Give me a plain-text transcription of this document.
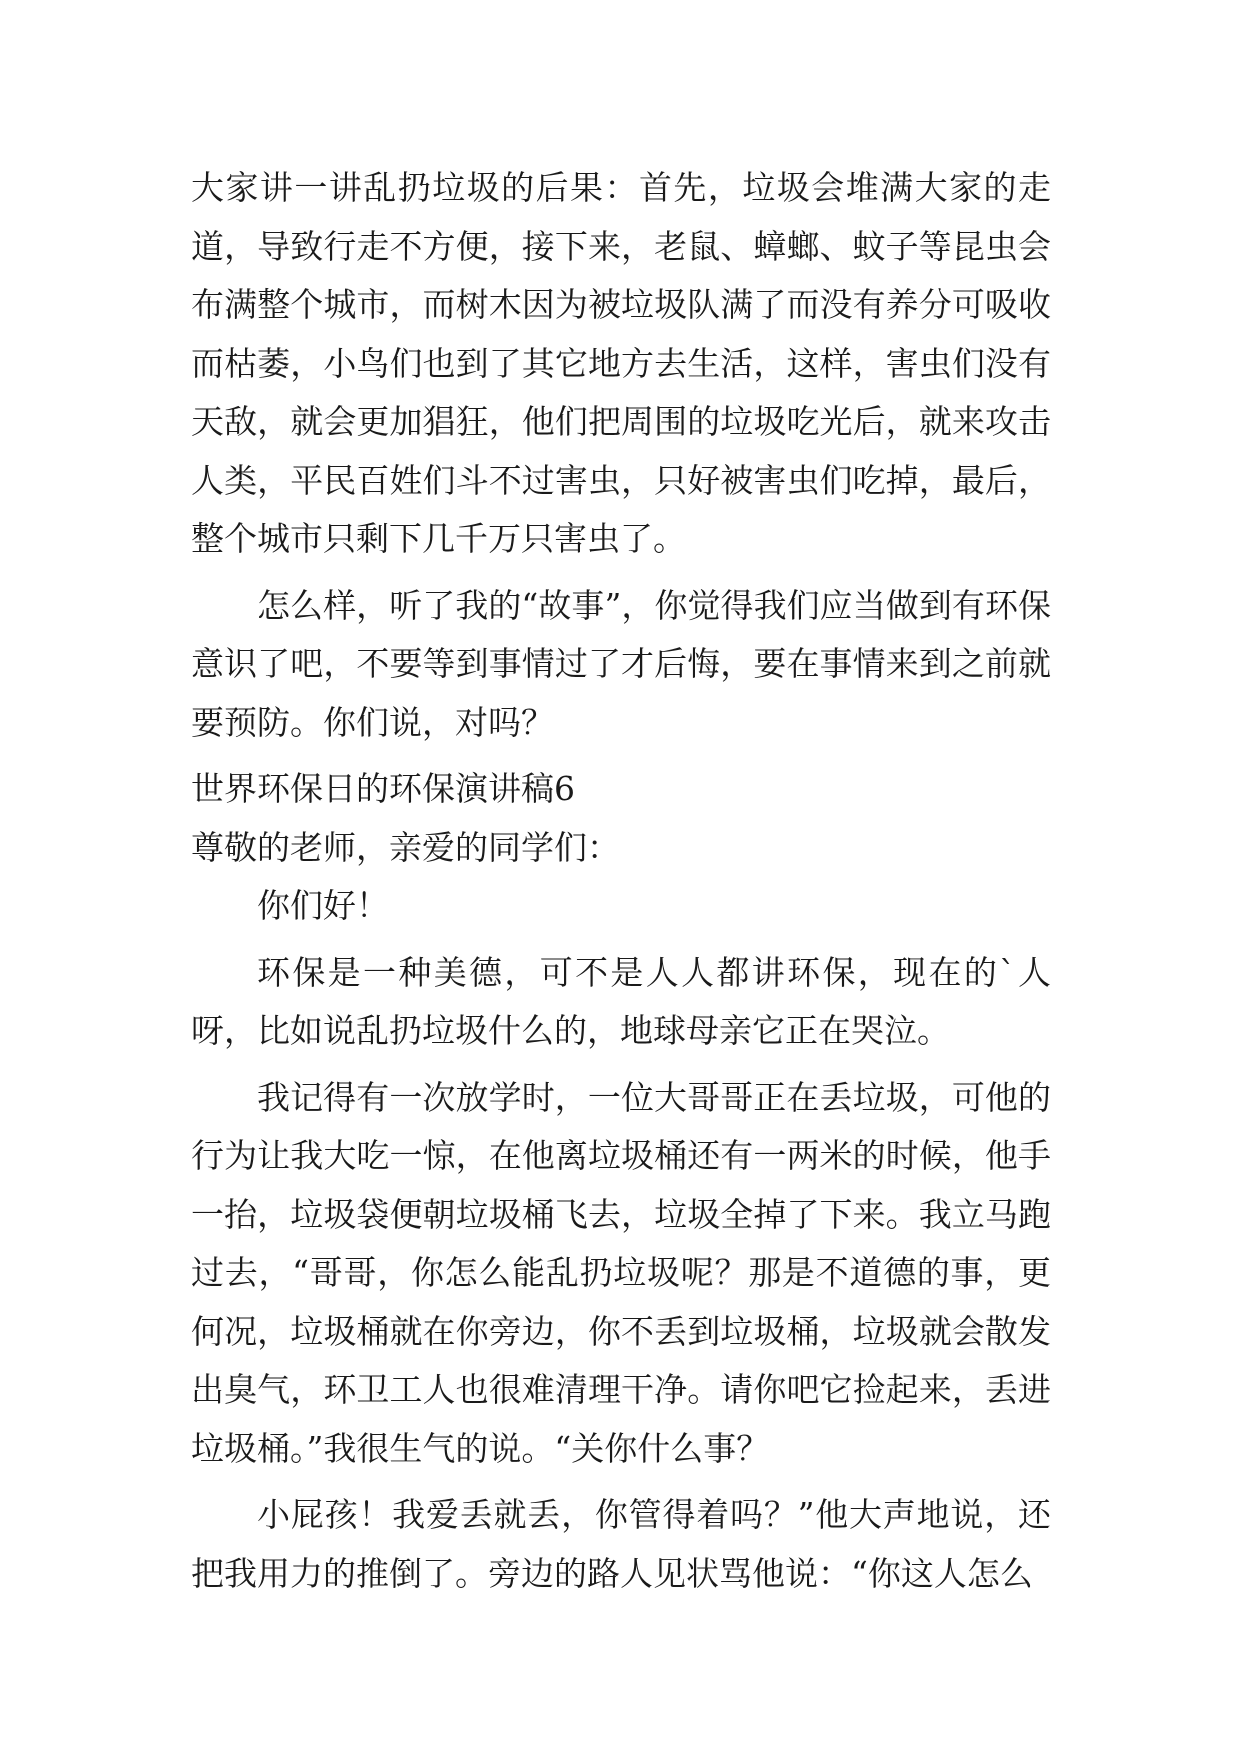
大家讲一讲乱扔垃圾的后果：首先，垃圾会堆满大家的走道，导致行走不方便，接下来，老鼠、蟑螂、蚊子等昆虫会布满整个城市，而树木因为被垃圾队满了而没有养分可吸收而枯萎，小鸟们也到了其它地方去生活，这样，害虫们没有天敌，就会更加猖狂，他们把周围的垃圾吃光后，就来攻击人类，平民百姓们斗不过害虫，只好被害虫们吃掉，最后，整个城市只剩下几千万只害虫了。

怎么样，听了我的“故事”，你觉得我们应当做到有环保意识了吧，不要等到事情过了才后悔，要在事情来到之前就要预防。你们说，对吗？

世界环保日的环保演讲稿6

尊敬的老师，亲爱的同学们：

你们好！

环保是一种美德，可不是人人都讲环保，现在的`人呀，比如说乱扔垃圾什么的，地球母亲它正在哭泣。

我记得有一次放学时，一位大哥哥正在丢垃圾，可他的行为让我大吃一惊，在他离垃圾桶还有一两米的时候，他手一抬，垃圾袋便朝垃圾桶飞去，垃圾全掉了下来。我立马跑过去，“哥哥，你怎么能乱扔垃圾呢？那是不道德的事，更何况，垃圾桶就在你旁边，你不丢到垃圾桶，垃圾就会散发出臭气，环卫工人也很难清理干净。请你吧它捡起来，丢进垃圾桶。”我很生气的说。“关你什么事？

小屁孩！我爱丢就丢，你管得着吗？”他大声地说，还把我用力的推倒了。旁边的路人见状骂他说：“你这人怎么
